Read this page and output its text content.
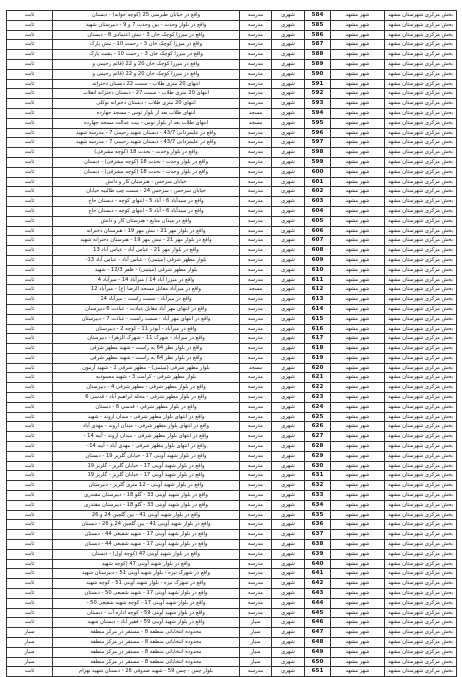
بخش مرکزی شهرستان مشهد	شهر مشهد	584	شهری	مدرسه	واقع در خیابان طبرسی 25 (کوچه حوابه) - دبستان	ثابت
بخش مرکزی شهرستان مشهد	شهر مشهد	585	شهری	مدرسه	واقع در بلوار وحدت - بین وحدت 7 و 9 - دبیرستان شهید	ثابت
بخش مرکزی شهرستان مشهد	شهر مشهد	586	شهری	مدرسه	واقع در میرزا کوچک خان 3 - نبش اعتمادی 8 - دبستان	ثابت
بخش مرکزی شهرستان مشهد	شهر مشهد	587	شهری	مدرسه	واقع در میرزا کوچک خان 3 - رحمت 10 - نبش پارک	ثابت
بخش مرکزی شهرستان مشهد	شهر مشهد	588	شهری	مدرسه	واقع در میرزا کوچک خان 3 - رحمت 10 - پشت پارک	ثابت
بخش مرکزی شهرستان مشهد	شهر مشهد	589	شهری	مدرسه	واقع در میرزا کوچک خان 20 و 22 (قائم رحیمی و	ثابت
بخش مرکزی شهرستان مشهد	شهر مشهد	590	شهری	مدرسه	واقع در میرزا کوچک خان 20 و 22 (قائم رحیمی و	ثابت
بخش مرکزی شهرستان مشهد	شهر مشهد	591	شهری	مدرسه	انتهای 20 متری طلاب - سمت 22 دبستان دخترانه	ثابت
بخش مرکزی شهرستان مشهد	شهر مشهد	592	شهری	مدرسه	انتهای 20 متری طلاب - سمت 27 - دبستان دخترانه انقلاب	ثابت
بخش مرکزی شهرستان مشهد	شهر مشهد	593	شهری	مدرسه	انتهای 20 متری طلاب - دبستان دخترانه توکلی	ثابت
بخش مرکزی شهرستان مشهد	شهر مشهد	594	شهری	مسجد	انتهای طلاب بعد از بلوار توس - مسجد جهارده	ثابت
بخش مرکزی شهرستان مشهد	شهر مشهد	595	شهری	مسجد	انتهای طلاب بعد از بلوار توس - بیت عدالت مسجد جهارده	ثابت
بخش مرکزی شهرستان مشهد	شهر مشهد	596	شهری	مدرسه	واقع در علیمردانی 43/7 - دبستان شهید رحیمی 7 - مدرسه شهید	ثابت
بخش مرکزی شهرستان مشهد	شهر مشهد	597	شهری	مدرسه	واقع در علیمردانی 43/7 - دبستان شهید رحیمی 7 - مدرسه شهید	ثابت
بخش مرکزی شهرستان مشهد	شهر مشهد	598	شهری	مدرسه	واقع در بلوار وحدت - بحدت 18 (کوچه مشرفی)	ثابت
بخش مرکزی شهرستان مشهد	شهر مشهد	599	شهری	مدرسه	واقع در بلوار وحدت - بحدت 18 (کوچه مشرفی) - دبستان	ثابت
بخش مرکزی شهرستان مشهد	شهر مشهد	600	شهری	مدرسه	واقع در بلوار وحدت - بحدت 18 (کوچه مشرفی) - دبستان	ثابت
بخش مرکزی شهرستان مشهد	شهر مشهد	601	شهری	مدرسه	خیابان سرخس - هنرستان کار و دانش	ثابت
بخش مرکزی شهرستان مشهد	شهر مشهد	602	شهری	مدرسه	خیابان سرخس - سرخس 24 - سمت چپ طالبیه خیابان	ثابت
بخش مرکزی شهرستان مشهد	شهر مشهد	603	شهری	مدرسه	واقع در سیدآباد 6 - آباد 5 - انتهای کوچه - دبستان حاج	ثابت
بخش مرکزی شهرستان مشهد	شهر مشهد	604	شهری	مدرسه	واقع در سیدآباد 6 - آباد 5 - انتهای کوچه - دبستان حاج	ثابت
بخش مرکزی شهرستان مشهد	شهر مشهد	605	شهری	مدرسه	واقع در میدان منابع - هنرستان کار و دانش	ثابت
بخش مرکزی شهرستان مشهد	شهر مشهد	606	شهری	مدرسه	واقع در بلوار مهر 21 - نبش مهر 19 - هنرستان دخترانه	ثابت
بخش مرکزی شهرستان مشهد	شهر مشهد	607	شهری	مدرسه	واقع در بلوار مهر 21 - نبش مهر 19 - هنرستان دخترانه شهید	ثابت
بخش مرکزی شهرستان مشهد	شهر مشهد	608	شهری	مدرسه	واقع در بلوار مهر 21 - عباس آباد - عباس آباد 13	ثابت
بخش مرکزی شهرستان مشهد	شهر مشهد	609	شهری	مدرسه	بلوار مطهر شرقی (میثمی) - عباس آباد - عباس آباد 13-	ثابت
بخش مرکزی شهرستان مشهد	شهر مشهد	610	شهری	مدرسه	بلوار مطهر شرقی (میثمی) - ظفر 12/3 - شهید	ثابت
بخش مرکزی شهرستان مشهد	شهر مشهد	611	شهری	مدرسه	واقع در میرزا آباد 14 / میرآباد 14 - میرآباد 4	ثابت
بخش مرکزی شهرستان مشهد	شهر مشهد	612	شهری	مسجد	واقع در میرآباد مقابل مسجد الرضا (ع) - میرآباد 12	ثابت
بخش مرکزی شهرستان مشهد	شهر مشهد	613	شهری	مدرسه	واقع در میرآباد - سمت راست - میرآباد 14	ثابت
بخش مرکزی شهرستان مشهد	شهر مشهد	614	شهری	مدرسه	واقع در انتهای مهر آباد مقابل عبادت - عبادت 6 دبیرستان	ثابت
بخش مرکزی شهرستان مشهد	شهر مشهد	615	شهری	مدرسه	واقع در انتهای مهر آباد - سمت راست - عبادت 7 - دبیرستان	ثابت
بخش مرکزی شهرستان مشهد	شهر مشهد	616	شهری	مدرسه	واقع در میرآباد - آبوذر 11 - کوچه 2 - دبیرستان	ثابت
بخش مرکزی شهرستان مشهد	شهر مشهد	617	شهری	مدرسه	واقع در میرآباد - شهرک 11 - شهرک الزهرا - دبیرستان	ثابت
بخش مرکزی شهرستان مشهد	شهر مشهد	618	شهری	مدرسه	واقع در بلوار نظر 64 به راست - شهید مطهر شرقی	ثابت
بخش مرکزی شهرستان مشهد	شهر مشهد	619	شهری	مدرسه	واقع در بلوار نظر 64 به راست - شهید مطهر شرقی	ثابت
بخش مرکزی شهرستان مشهد	شهر مشهد	620	شهری	مسجد	بلوار مطهر شرقی (میثمی) - مطهر شرقی 2 - شهید آرمون	ثابت
بخش مرکزی شهرستان مشهد	شهر مشهد	621	شهری	مدرسه	بلوار مطهر شرقی - کرامت 3 - شهید محمودیه	ثابت
بخش مرکزی شهرستان مشهد	شهر مشهد	622	شهری	مدرسه	واقع در بلوار مطهر شرقی - مطهر شرقی 4 - دبیرستان	ثابت
بخش مرکزی شهرستان مشهد	شهر مشهد	623	شهری	مدرسه	واقع در بلوار مطهر شرقی - محله ابراهیم آباد - قدسی 6	ثابت
بخش مرکزی شهرستان مشهد	شهر مشهد	624	شهری	مدرسه	واقع در بلوار مطهر شرقی - قدسی 6 - دبستان	ثابت
بخش مرکزی شهرستان مشهد	شهر مشهد	625	شهری	مدرسه	واقع در انتهای بلوار مطهر شرقی - میدان اروند - شهید	ثابت
بخش مرکزی شهرستان مشهد	شهر مشهد	626	شهری	مدرسه	واقع در انتهای بلوار مطهر شرقی - میدان اروند - مهدی آباد	ثابت
بخش مرکزی شهرستان مشهد	شهر مشهد	627	شهری	مدرسه	واقع در انتهای بلوار مطهر شرقی - میدان اروند - آبیه 14 -	ثابت
بخش مرکزی شهرستان مشهد	شهر مشهد	628	شهری	مدرسه	واقع در انتهای بلوار مطهر شرقی - مهدی آباد - آبیه 14 -	ثابت
بخش مرکزی شهرستان مشهد	شهر مشهد	629	شهری	مدرسه	واقع در بلوار شهید آوینی 17 - خیابان گلریز 19 - دبستان	ثابت
بخش مرکزی شهرستان مشهد	شهر مشهد	630	شهری	مدرسه	واقع در بلوار شهید آوینی 17 - خیابان گلریز - گلریز 19	ثابت
بخش مرکزی شهرستان مشهد	شهر مشهد	631	شهری	مدرسه	واقع در بلوار شهید آوینی 17 - خیابان گلریز - گلریز 19	ثابت
بخش مرکزی شهرستان مشهد	شهر مشهد	632	شهری	مدرسه	واقع در بلوار شهید آوینی - 12 متری گلریز - دبیرستان	ثابت
بخش مرکزی شهرستان مشهد	شهر مشهد	633	شهری	مدرسه	واقع در بلوار شهید آوینی 33 - گلو 18 - دبیرستان مقتدری	ثابت
بخش مرکزی شهرستان مشهد	شهر مشهد	634	شهری	مدرسه	واقع در بلوار شهید آوینی 33 - گلو 18 - دبیرستان مقتدری	ثابت
بخش مرکزی شهرستان مشهد	شهر مشهد	635	شهری	مدرسه	واقع در بلوار شهید آوینی 41 - بین گلچین 24 و 26	ثابت
بخش مرکزی شهرستان مشهد	شهر مشهد	636	شهری	مدرسه	واقع در بلوار شهید آوینی 41 - بین گلچین 24 و 26 - دبستان	ثابت
بخش مرکزی شهرستان مشهد	شهر مشهد	637	شهری	مدرسه	واقع در بلوار شهید آوینی 17 - شهید شفیعی 44 - دبستان	ثابت
بخش مرکزی شهرستان مشهد	شهر مشهد	638	شهری	مدرسه	واقع در بلوار شهید آوینی 17 - شهید شفیعی 44 - دبستان	ثابت
بخش مرکزی شهرستان مشهد	شهر مشهد	639	شهری	مدرسه	واقع در بلوار شهید آوینی 47 (کوچه اول) - دبستان	ثابت
بخش مرکزی شهرستان مشهد	شهر مشهد	640	شهری	مدرسه	واقع در بلوار شهید آوینی 47 (کوچه شهید	ثابت
بخش مرکزی شهرستان مشهد	شهر مشهد	641	شهری	مدرسه	واقع در شهرک نیزه - بلوار شهید آوینی 51 - دبیرستان شهید	ثابت
بخش مرکزی شهرستان مشهد	شهر مشهد	642	شهری	مدرسه	واقع در شهرک نیزه - بلوار شهید آوینی 51 - کوچه شهید	ثابت
بخش مرکزی شهرستان مشهد	شهر مشهد	643	شهری	مدرسه	واقع در بلوار شهید آوینی 17 - شهید شفیعی 50 - دبستان	ثابت
بخش مرکزی شهرستان مشهد	شهر مشهد	644	شهری	مدرسه	واقع در بلوار شهید آوینی 17 - کوچه شهید شفیعی 50 -	ثابت
بخش مرکزی شهرستان مشهد	شهر مشهد	645	شهری	مدرسه	واقع در بلوار شهید آوینی 59 - کوچه اداره آب - دبستان	ثابت
بخش مرکزی شهرستان مشهد	شهر مشهد	646	شهری	سیار	واقع در بلوار شهید آوینی 59 - فقیر آباد - دبستان شهید	ثابت
بخش مرکزی شهرستان مشهد	شهر مشهد	647	شهری	سیار	محدوده انتخاباتی منطقه 8 - مستقر در مرکز منطقه	سیار
بخش مرکزی شهرستان مشهد	شهر مشهد	648	شهری	سیار	محدوده انتخاباتی منطقه 8 - مستقر در مرکز منطقه	سیار
بخش مرکزی شهرستان مشهد	شهر مشهد	649	شهری	سیار	محدوده انتخاباتی منطقه 8 - مستقر در مرکز منطقه	سیار
بخش مرکزی شهرستان مشهد	شهر مشهد	650	شهری	سیار	محدوده انتخاباتی منطقه 8 - مستقر در مرکز منطقه	سیار
بخش مرکزی شهرستان مشهد	شهر مشهد	651	شهری	مدرسه	بلوار چمن - چمن 59 - شهید صدوقی 26 - دبستان شهید بهرام	ثابت
